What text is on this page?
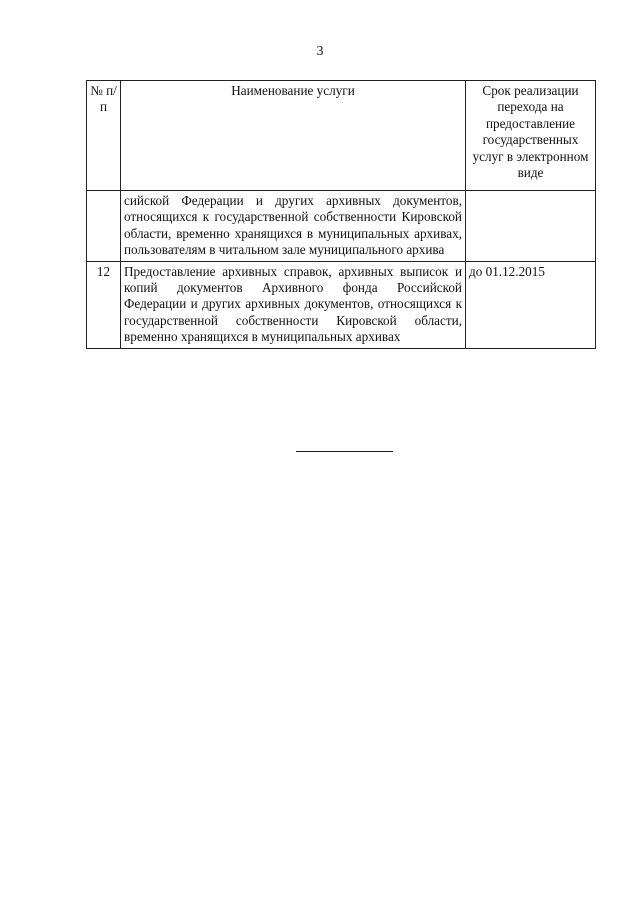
3
№ п/п	Наименование услуги	Срок реализации перехода на предоставление государственных услуг в электронном виде
	сийской Федерации и других архивных документов, относящихся к государственной собственности Кировской области, временно хранящихся в муниципальных архивах, пользователям в читальном зале муниципального архива	
12	Предоставление архивных справок, архивных выписок и копий документов Архивного фонда Российской Федерации и других архивных документов, относящихся к государственной собственности Кировской области, временно хранящихся в муниципальных архивах	до 01.12.2015
